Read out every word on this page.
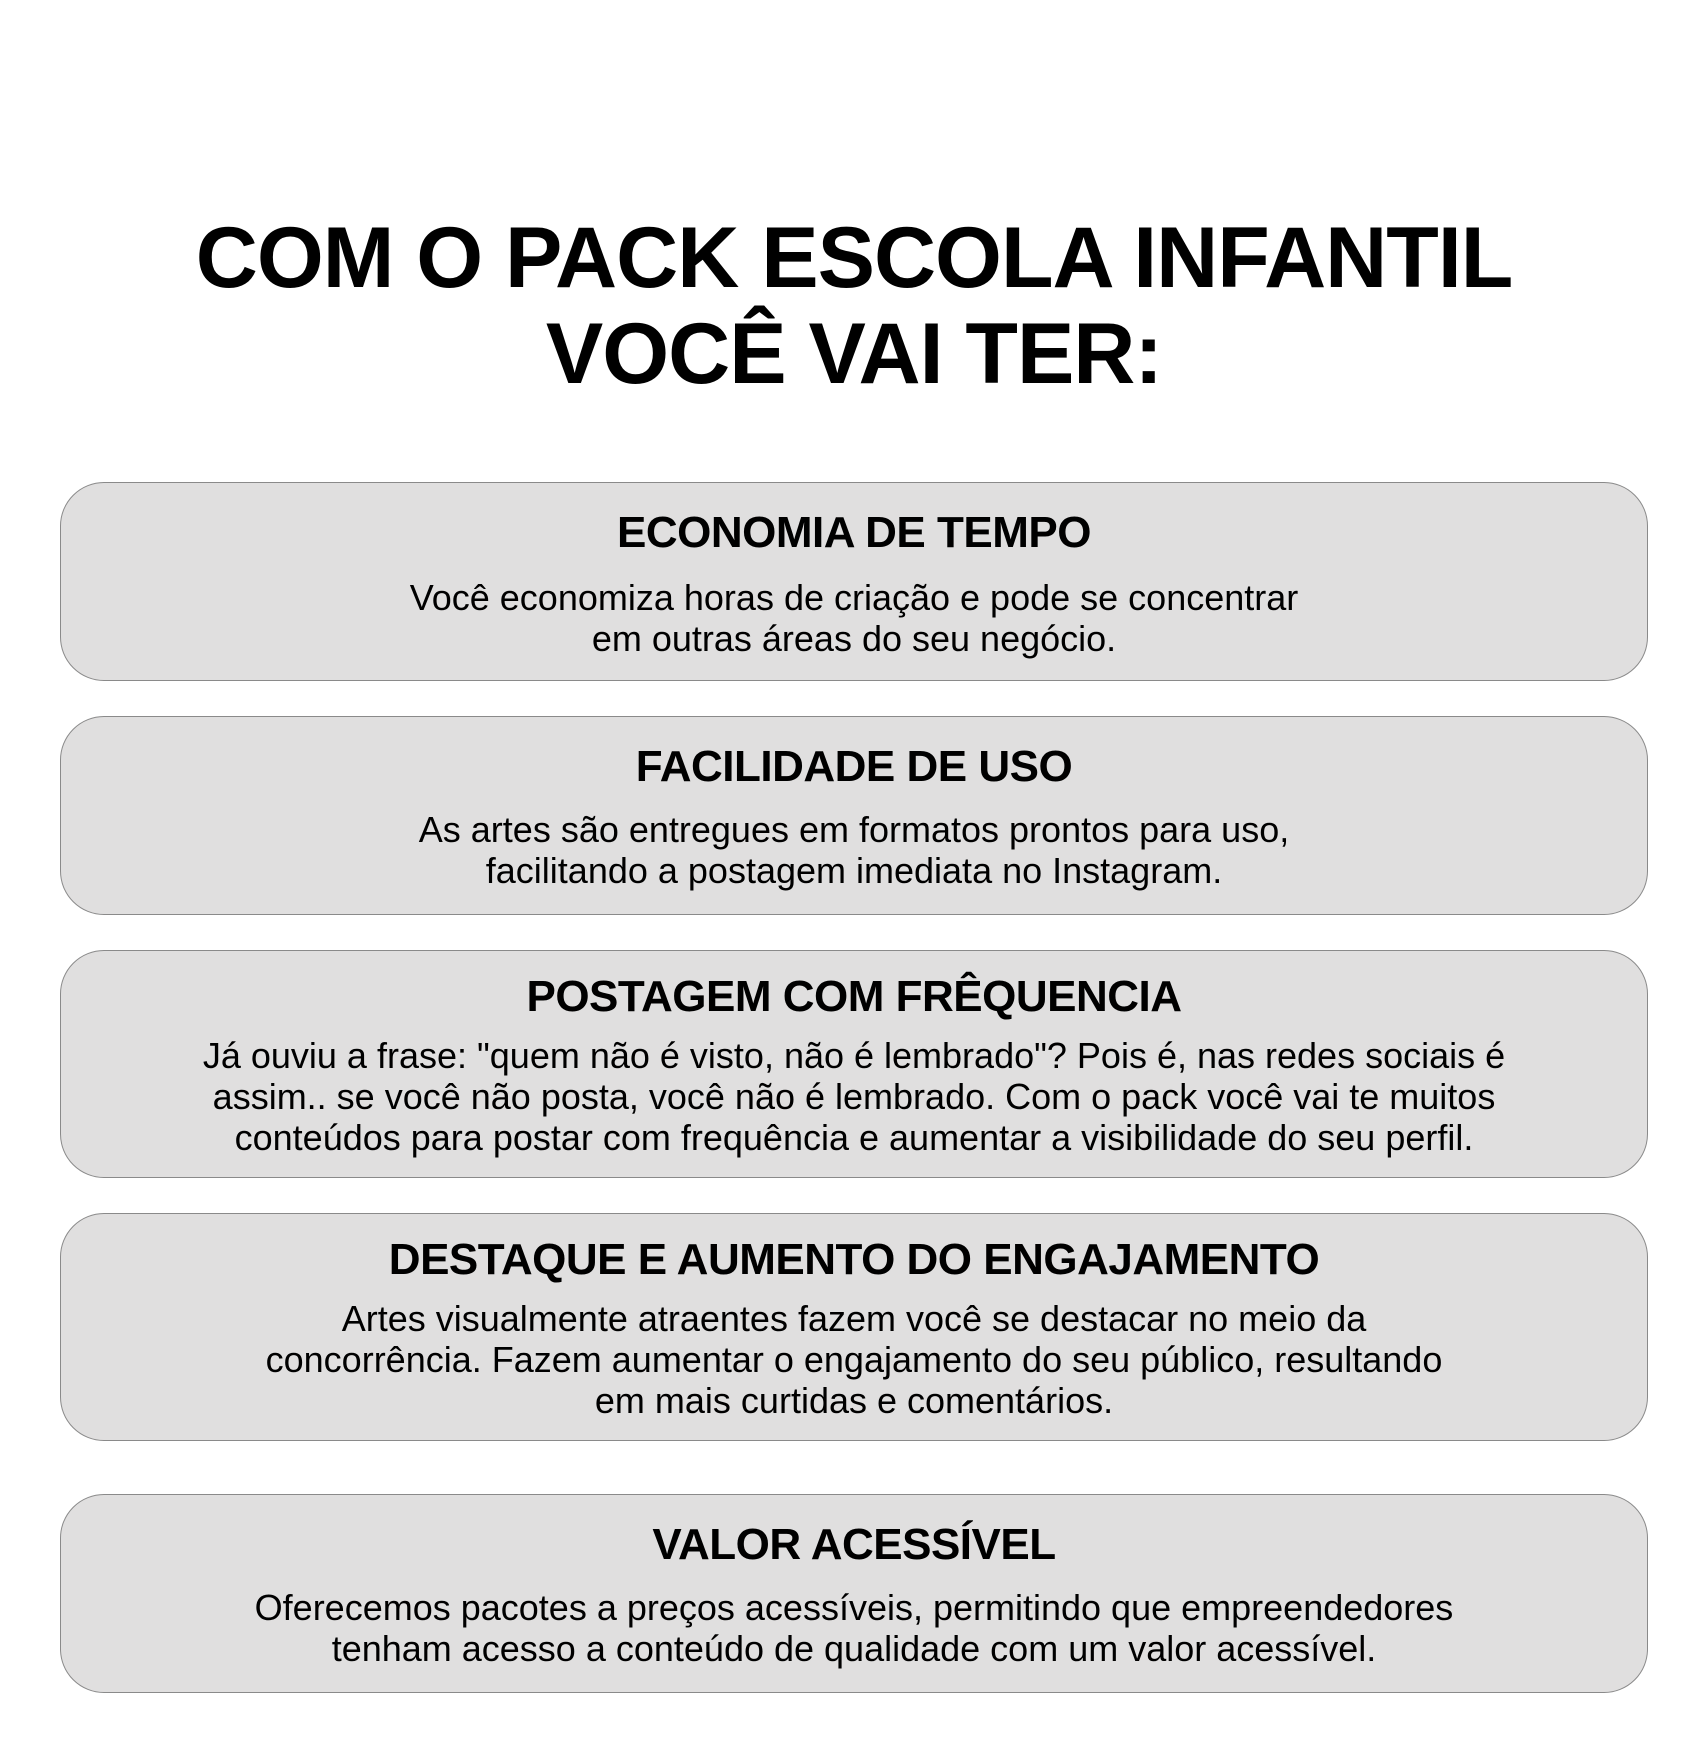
COM O PACK ESCOLA INFANTIL
VOCÊ VAI TER:
ECONOMIA DE TEMPO

Você economiza horas de criação e pode se concentrar
em outras áreas do seu negócio.

FACILIDADE DE USO

As artes são entregues em formatos prontos para uso,
facilitando a postagem imediata no Instagram.

POSTAGEM COM FRÊQUENCIA

Já ouviu a frase: "quem não é visto, não é lembrado"? Pois é, nas redes sociais é
assim.. se você não posta, você não é lembrado. Com o pack você vai te muitos
conteúdos para postar com frequência e aumentar a visibilidade do seu perfil.

DESTAQUE E AUMENTO DO ENGAJAMENTO

Artes visualmente atraentes fazem você se destacar no meio da
concorrência. Fazem aumentar o engajamento do seu público, resultando
em mais curtidas e comentários.

VALOR ACESSÍVEL

Oferecemos pacotes a preços acessíveis, permitindo que empreendedores
tenham acesso a conteúdo de qualidade com um valor acessível.
